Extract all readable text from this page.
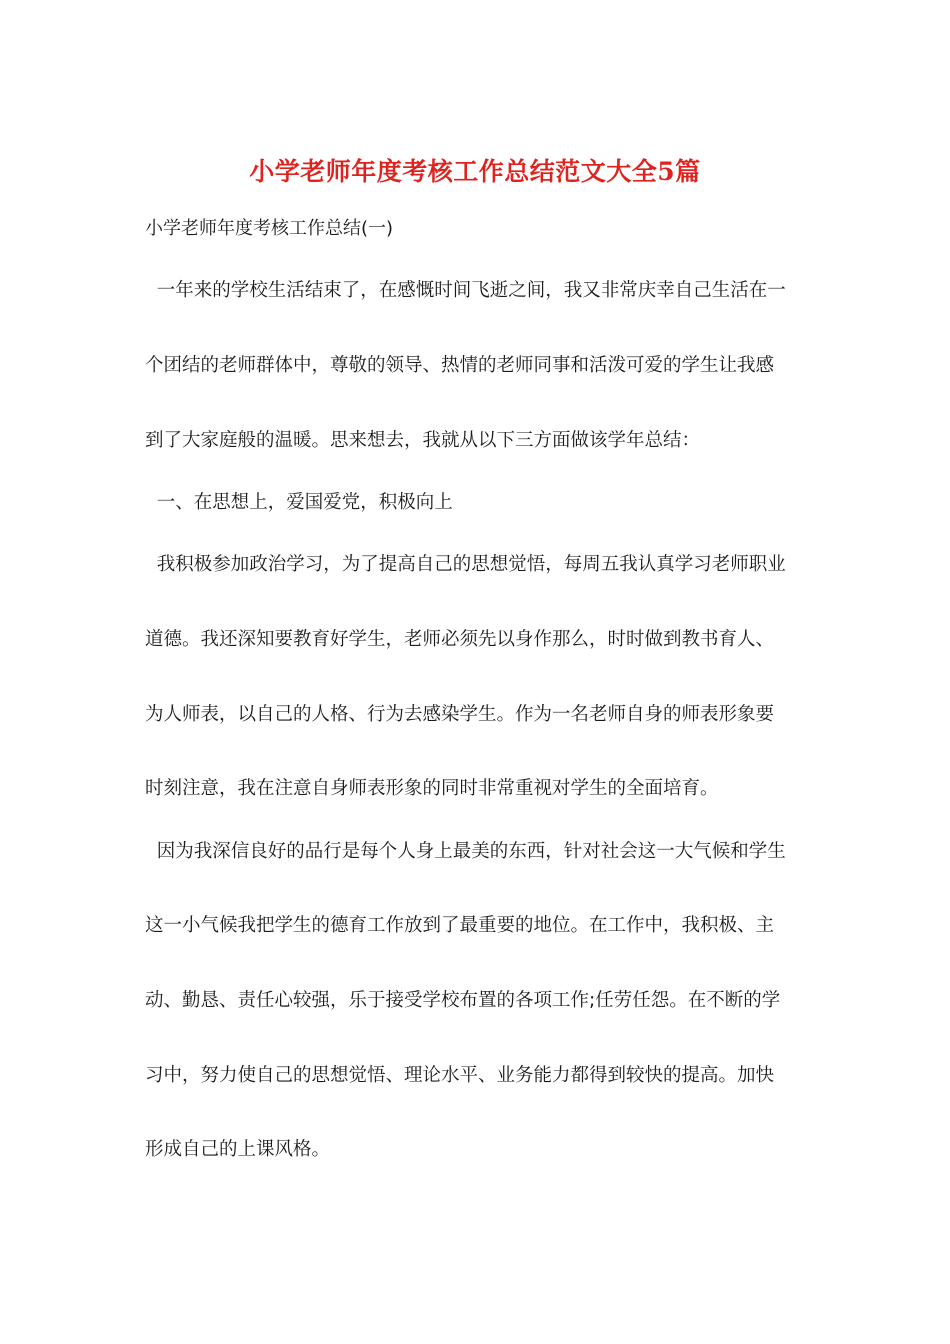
小学老师年度考核工作总结范文大全5篇
小学老师年度考核工作总结(一)
一年来的学校生活结束了，在感慨时间飞逝之间，我又非常庆幸自己生活在一
个团结的老师群体中，尊敬的领导、热情的老师同事和活泼可爱的学生让我感
到了大家庭般的温暖。思来想去，我就从以下三方面做该学年总结：
一、在思想上，爱国爱党，积极向上
我积极参加政治学习，为了提高自己的思想觉悟，每周五我认真学习老师职业
道德。我还深知要教育好学生，老师必须先以身作那么，时时做到教书育人、
为人师表，以自己的人格、行为去感染学生。作为一名老师自身的师表形象要
时刻注意，我在注意自身师表形象的同时非常重视对学生的全面培育。
因为我深信良好的品行是每个人身上最美的东西，针对社会这一大气候和学生
这一小气候我把学生的德育工作放到了最重要的地位。在工作中，我积极、主
动、勤恳、责任心较强，乐于接受学校布置的各项工作;任劳任怨。在不断的学
习中，努力使自己的思想觉悟、理论水平、业务能力都得到较快的提高。加快
形成自己的上课风格。
